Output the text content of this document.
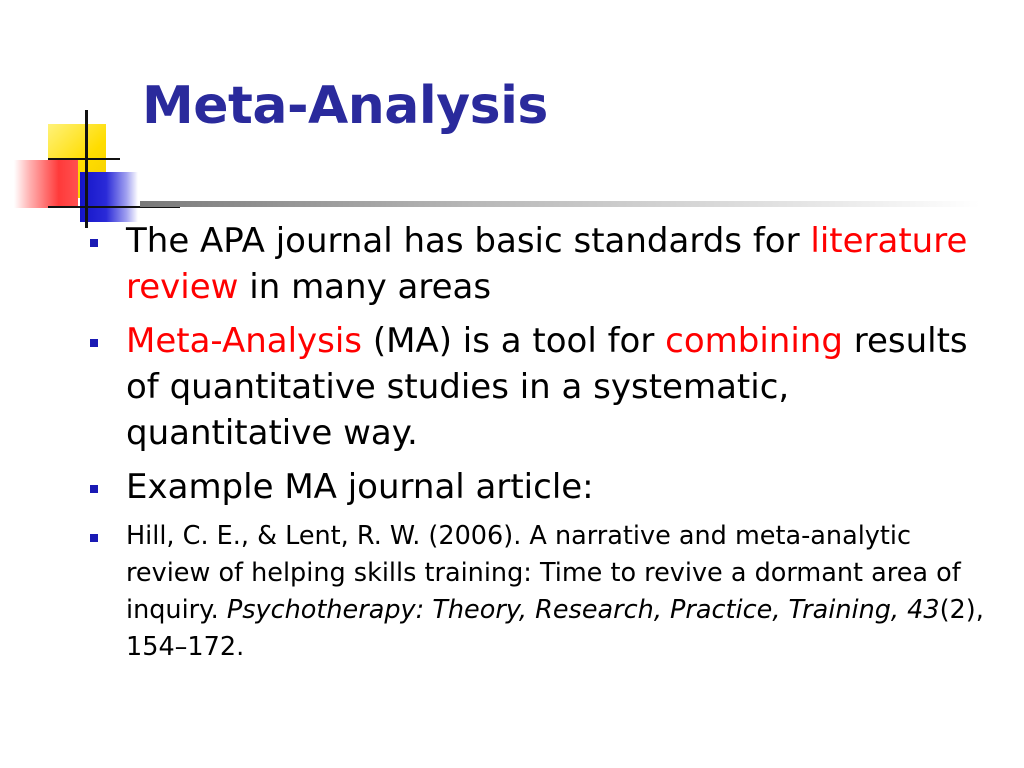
Meta-Analysis
The APA journal has basic standards for literature review in many areas
Meta-Analysis (MA) is a tool for combining results of quantitative studies in a systematic, quantitative way.
Example MA journal article:
Hill, C. E., & Lent, R. W. (2006). A narrative and meta-analytic review of helping skills training: Time to revive a dormant area of inquiry. Psychotherapy: Theory, Research, Practice, Training, 43(2), 154–172.
